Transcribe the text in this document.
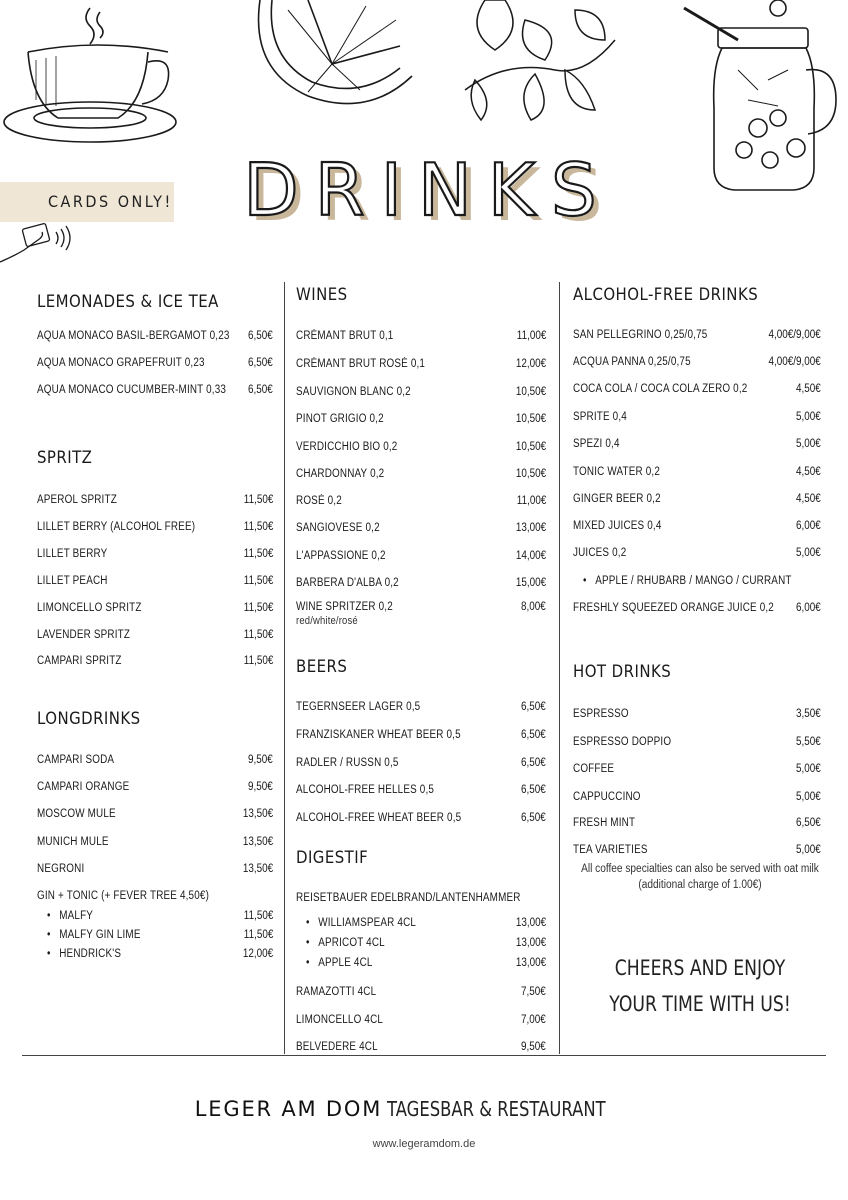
DRINKS
CARDS ONLY!
LEMONADES & ICE TEA
AQUA MONACO BASIL-BERGAMOT 0,23 6,50€
AQUA MONACO GRAPEFRUIT 0,23	6,50€
AQUA MONACO CUCUMBER-MINT 0,33 6,50€
SPRITZ
APEROL SPRITZ	11,50€
LILLET BERRY (ALCOHOL FREE)	11,50€
LILLET BERRY	11,50€
LILLET PEACH	11,50€
LIMONCELLO SPRITZ	11,50€
LAVENDER SPRITZ	11,50€
CAMPARI SPRITZ	11,50€
LONGDRINKS
CAMPARI SODA	9,50€
CAMPARI ORANGE	9,50€
MOSCOW MULE	13,50€
MUNICH MULE	13,50€
NEGRONI	13,50€
GIN + TONIC (+ FEVER TREE 4,50€)
• MALFY	11,50€
• MALFY GIN LIME	11,50€
• HENDRICK'S	12,00€
WINES
CRÉMANT BRUT 0,1	11,00€
CRÉMANT BRUT ROSÉ 0,1	12,00€
SAUVIGNON BLANC 0,2	10,50€
PINOT GRIGIO 0,2	10,50€
VERDICCHIO BIO 0,2	10,50€
CHARDONNAY 0,2	10,50€
ROSÉ 0,2	11,00€
SANGIOVESE 0,2	13,00€
L'APPASSIONE 0,2	14,00€
BARBERA D'ALBA 0,2	15,00€
WINE SPRITZER 0,2	8,00€
red/white/rosé
BEERS
TEGERNSEER LAGER 0,5	6,50€
FRANZISKANER WHEAT BEER 0,5	6,50€
RADLER / RUSSN 0,5	6,50€
ALCOHOL-FREE HELLES 0,5	6,50€
ALCOHOL-FREE WHEAT BEER 0,5	6,50€
DIGESTIF
REISETBAUER EDELBRAND/LANTENHAMMER
• WILLIAMSPEAR 4CL	13,00€
• APRICOT 4CL	13,00€
• APPLE 4CL	13,00€
RAMAZOTTI 4CL	7,50€
LIMONCELLO 4CL	7,00€
BELVEDERE 4CL	9,50€
ALCOHOL-FREE DRINKS
SAN PELLEGRINO 0,25/0,75	4,00€/9,00€
ACQUA PANNA 0,25/0,75	4,00€/9,00€
COCA COLA / COCA COLA ZERO 0,2	4,50€
SPRITE 0,4	5,00€
SPEZI 0,4	5,00€
TONIC WATER 0,2	4,50€
GINGER BEER 0,2	4,50€
MIXED JUICES 0,4	6,00€
JUICES 0,2	5,00€
• APPLE / RHUBARB / MANGO / CURRANT
FRESHLY SQUEEZED ORANGE JUICE 0,2 6,00€
HOT DRINKS
ESPRESSO	3,50€
ESPRESSO DOPPIO	5,50€
COFFEE	5,00€
CAPPUCCINO	5,00€
FRESH MINT	6,50€
TEA VARIETIES	5,00€
All coffee specialties can also be served with oat milk
(additional charge of 1.00€)
CHEERS AND ENJOY
YOUR TIME WITH US!
LEGER AM DOM TAGESBAR & RESTAURANT
www.legeramdom.de
